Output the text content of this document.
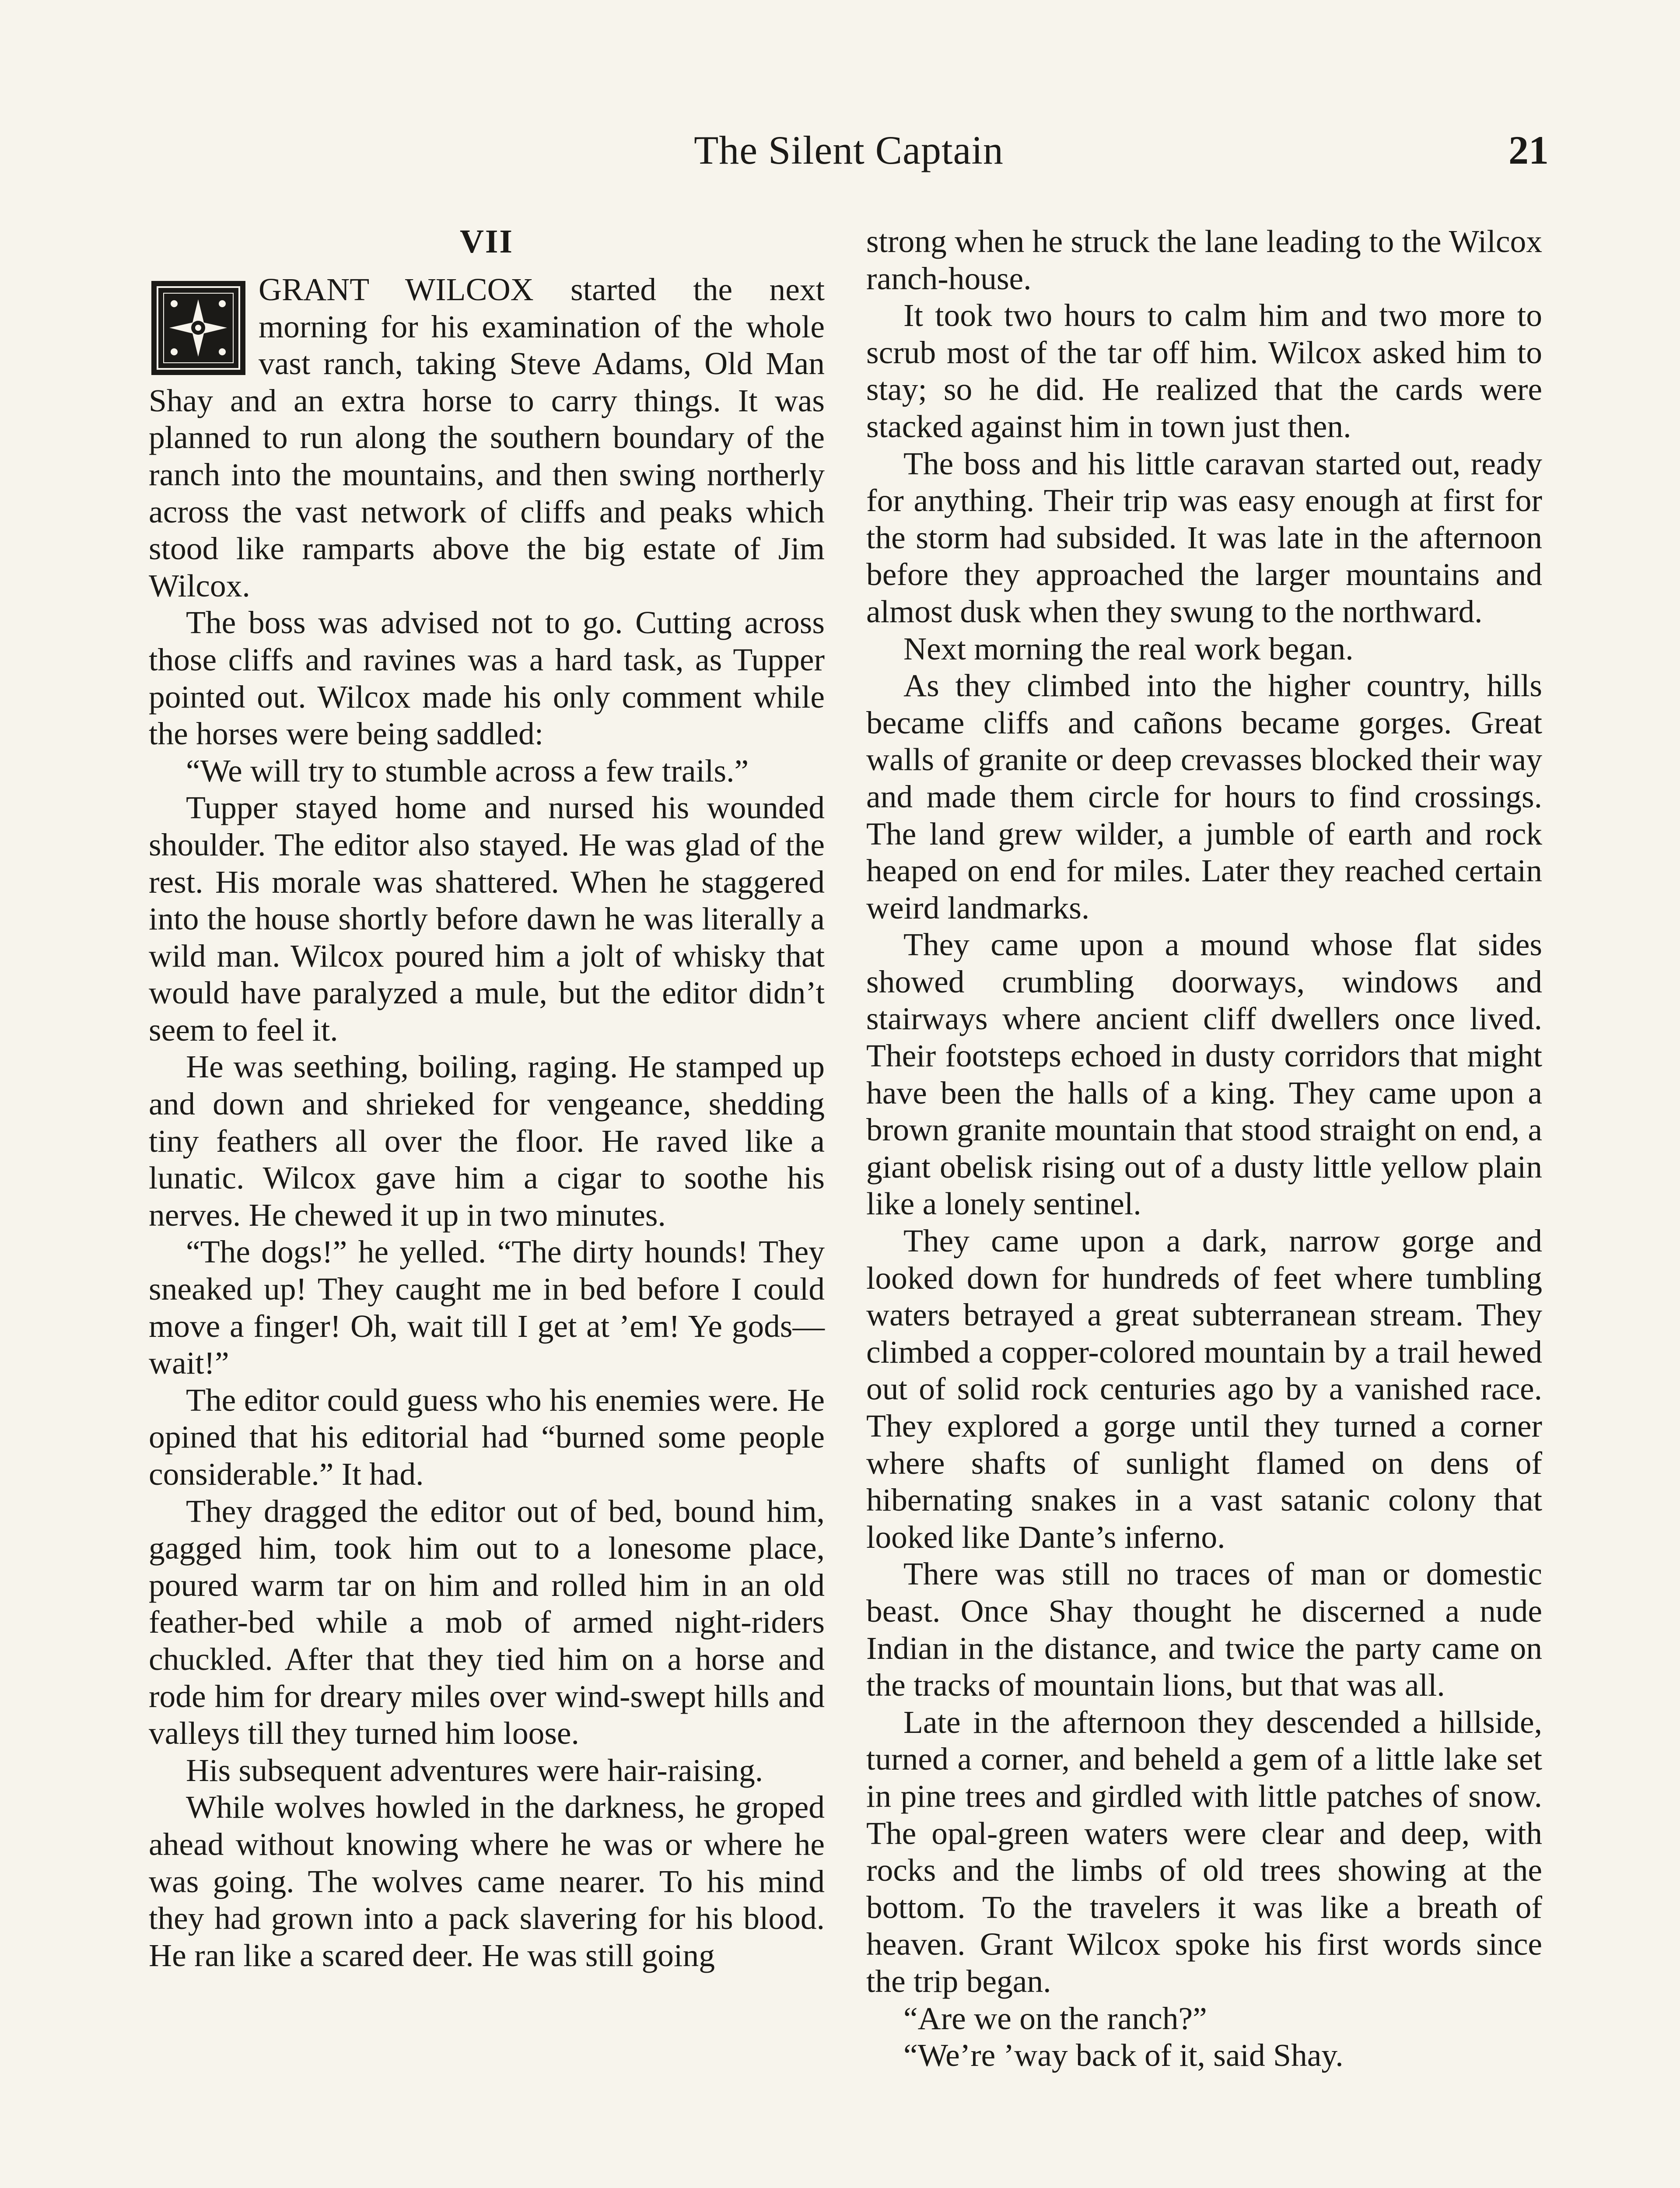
The Silent Captain	21
VII

GRANT WILCOX started the next morning for his examination of the whole vast ranch, taking Steve Adams, Old Man Shay and an extra horse to carry things. It was planned to run along the southern boundary of the ranch into the mountains, and then swing northerly across the vast network of cliffs and peaks which stood like ramparts above the big estate of Jim Wilcox.

The boss was advised not to go. Cutting across those cliffs and ravines was a hard task, as Tupper pointed out. Wilcox made his only comment while the horses were being saddled:

“We will try to stumble across a few trails.”

Tupper stayed home and nursed his wounded shoulder. The editor also stayed. He was glad of the rest. His morale was shattered. When he staggered into the house shortly before dawn he was literally a wild man. Wilcox poured him a jolt of whisky that would have paralyzed a mule, but the editor didn’t seem to feel it.

He was seething, boiling, raging. He stamped up and down and shrieked for vengeance, shedding tiny feathers all over the floor. He raved like a lunatic. Wilcox gave him a cigar to soothe his nerves. He chewed it up in two minutes.

“The dogs!” he yelled. “The dirty hounds! They sneaked up! They caught me in bed before I could move a finger! Oh, wait till I get at ’em! Ye gods—wait!”

The editor could guess who his enemies were. He opined that his editorial had “burned some people considerable.” It had.

They dragged the editor out of bed, bound him, gagged him, took him out to a lonesome place, poured warm tar on him and rolled him in an old feather-bed while a mob of armed night-riders chuckled. After that they tied him on a horse and rode him for dreary miles over wind-swept hills and valleys till they turned him loose.

His subsequent adventures were hair-raising.

While wolves howled in the darkness, he groped ahead without knowing where he was or where he was going. The wolves came nearer. To his mind they had grown into a pack slavering for his blood. He ran like a scared deer. He was still going

strong when he struck the lane leading to the Wilcox ranch-house.

It took two hours to calm him and two more to scrub most of the tar off him. Wilcox asked him to stay; so he did. He realized that the cards were stacked against him in town just then.

The boss and his little caravan started out, ready for anything. Their trip was easy enough at first for the storm had subsided. It was late in the afternoon before they approached the larger mountains and almost dusk when they swung to the northward.

Next morning the real work began.

As they climbed into the higher country, hills became cliffs and cañons became gorges. Great walls of granite or deep crevasses blocked their way and made them circle for hours to find crossings. The land grew wilder, a jumble of earth and rock heaped on end for miles. Later they reached certain weird landmarks.

They came upon a mound whose flat sides showed crumbling doorways, windows and stairways where ancient cliff dwellers once lived. Their footsteps echoed in dusty corridors that might have been the halls of a king. They came upon a brown granite mountain that stood straight on end, a giant obelisk rising out of a dusty little yellow plain like a lonely sentinel.

They came upon a dark, narrow gorge and looked down for hundreds of feet where tumbling waters betrayed a great subterranean stream. They climbed a copper-colored mountain by a trail hewed out of solid rock centuries ago by a vanished race. They explored a gorge until they turned a corner where shafts of sunlight flamed on dens of hibernating snakes in a vast satanic colony that looked like Dante’s inferno.

There was still no traces of man or domestic beast. Once Shay thought he discerned a nude Indian in the distance, and twice the party came on the tracks of mountain lions, but that was all.

Late in the afternoon they descended a hillside, turned a corner, and beheld a gem of a little lake set in pine trees and girdled with little patches of snow. The opal-green waters were clear and deep, with rocks and the limbs of old trees showing at the bottom. To the travelers it was like a breath of heaven. Grant Wilcox spoke his first words since the trip began.

“Are we on the ranch?”

“We’re ’way back of it, said Shay.
